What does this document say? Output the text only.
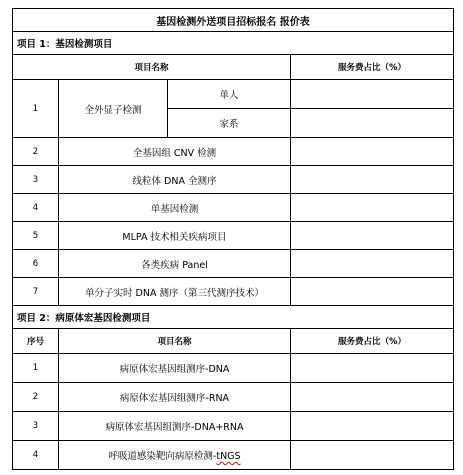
基因检测外送项目招标报名 报价表			
项目 1：基因检测项目			
项目名称			服务费占比（%）
1	全外显子检测	单人	
		家系	
2	全基因组 CNV 检测		
3	线粒体 DNA 全测序		
4	单基因检测		
5	MLPA 技术相关疾病项目		
6	各类疾病 Panel		
7	单分子实时 DNA 测序（第三代测序技术）		
项目 2：病原体宏基因检测项目			
序号	项目名称		服务费占比（%）
1	病原体宏基因组测序-DNA		
2	病原体宏基因组测序-RNA		
3	病原体宏基因组测序-DNA+RNA		
4	呼吸道感染靶向病原检测-tNGS		
